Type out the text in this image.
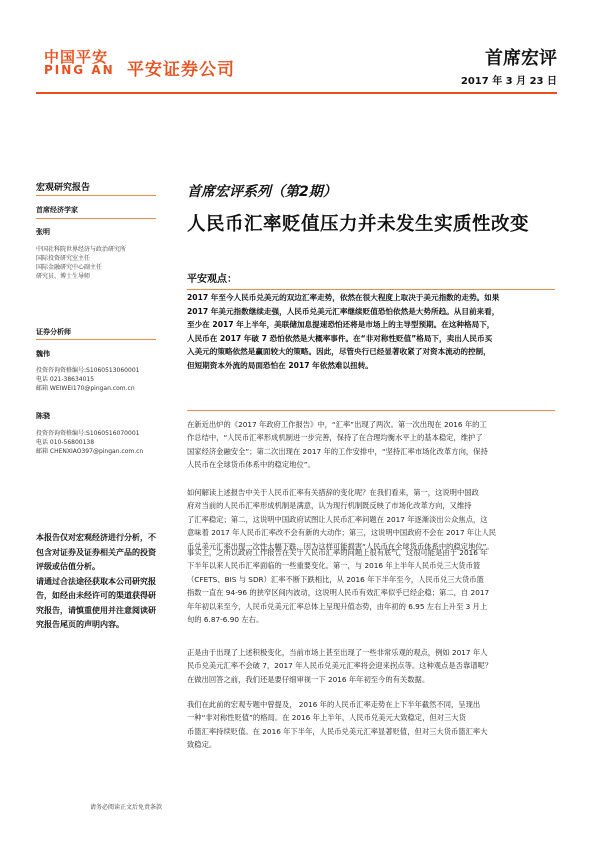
中国平安
PING AN 平安证券公司
首席宏评
2017 年 3 月 23 日
宏观研究报告
首席经济学家
张明
中国社科院世界经济与政治研究所
国际投资研究室主任
国际金融研究中心副主任
研究员、博士生导师
证券分析师
魏伟
投资咨询资格编号:S1060513060001
电话 021-38634015
邮箱 WEIWEI170@pingan.com.cn
陈骁
投资咨询资格编号:S1060516070001
电话 010-56800138
邮箱 CHENXIAO397@pingan.com.cn
本报告仅对宏观经济进行分析，不
包含对证券及证券相关产品的投资
评级或估值分析。
请通过合法途径获取本公司研究报
告，如经由未经许可的渠道获得研
究报告，请慎重使用并注意阅读研
究报告尾页的声明内容。
首席宏评系列（第2期）
人民币汇率贬值压力并未发生实质性改变
平安观点：
2017 年至今人民币兑美元的双边汇率走势，依然在很大程度上取决于美元指数的走势。如果
2017 年美元指数继续走强，人民币兑美元汇率继续贬值恐怕依然是大势所趋。从目前来看，
至少在 2017 年上半年，美联储加息提速恐怕还将是市场上的主导型预期。在这种格局下，
人民币在 2017 年破 7 恐怕依然是大概率事件。在“非对称性贬值”格局下，卖出人民币买
入美元的策略依然是赢面较大的策略。因此，尽管央行已经显著收紧了对资本流动的控制，
但短期资本外流的局面恐怕在 2017 年依然难以扭转。
在新近出炉的《2017 年政府工作报告》中，“汇率”出现了两次。第一次出现在 2016 年的工
作总结中，“人民币汇率形成机制进一步完善，保持了在合理均衡水平上的基本稳定，维护了
国家经济金融安全”；第二次出现在 2017 年的工作安排中，“坚持汇率市场化改革方向，保持
人民币在全球货币体系中的稳定地位”。
如何解读上述报告中关于人民币汇率有关措辞的变化呢？在我们看来，第一，这说明中国政
府对当前的人民币汇率形成机制是满意，认为现行机制既反映了市场化改革方向，又维持
了汇率稳定；第二，这说明中国政府试图让人民币汇率问题在 2017 年逐渐淡出公众焦点，这
意味着 2017 年人民币汇率改不会有新的大动作；第三，这说明中国政府不会在 2017 年让人民
币兑美元汇率出现一次性大幅下跌，因为这样可能损害“人民币在全球货币体系中的稳定地位”。
事实上，之所以政府工作报告在关于人民币汇率的问题上很有底气，这很可能是由于 2016 年
下半年以来人民币汇率面临的一些重要变化。第一，与 2016 年上半年人民币兑三大货币篮
（CFETS、BIS 与 SDR）汇率不断下跌相比，从 2016 年下半年至今，人民币兑三大货币篮
指数一直在 94-96 的狭窄区间内波动，这说明人民币有效汇率似乎已经企稳；第二，自 2017
年年初以来至今，人民币兑美元汇率总体上呈现升值态势，由年初的 6.95 左右上升至 3 月上
旬的 6.87-6.90 左右。
正是由于出现了上述积极变化，当前市场上甚至出现了一些非常乐观的观点，例如 2017 年人
民币兑美元汇率不会破 7，2017 年人民币兑美元汇率将会迎来拐点等。这种观点是否靠谱呢？
在做出回答之前，我们还是要仔细审视一下 2016 年年初至今的有关数据。
我们在此前的宏观专题中曾提及， 2016 年的人民币汇率走势在上下半年截然不同，呈现出
一种“非对称性贬值”的格局。在 2016 年上半年，人民币兑美元大致稳定，但对三大货
币篮汇率持续贬值。在 2016 年下半年，人民币兑美元汇率显著贬值，但对三大货币篮汇率大
致稳定。
请务必阅读正文后免责条款
